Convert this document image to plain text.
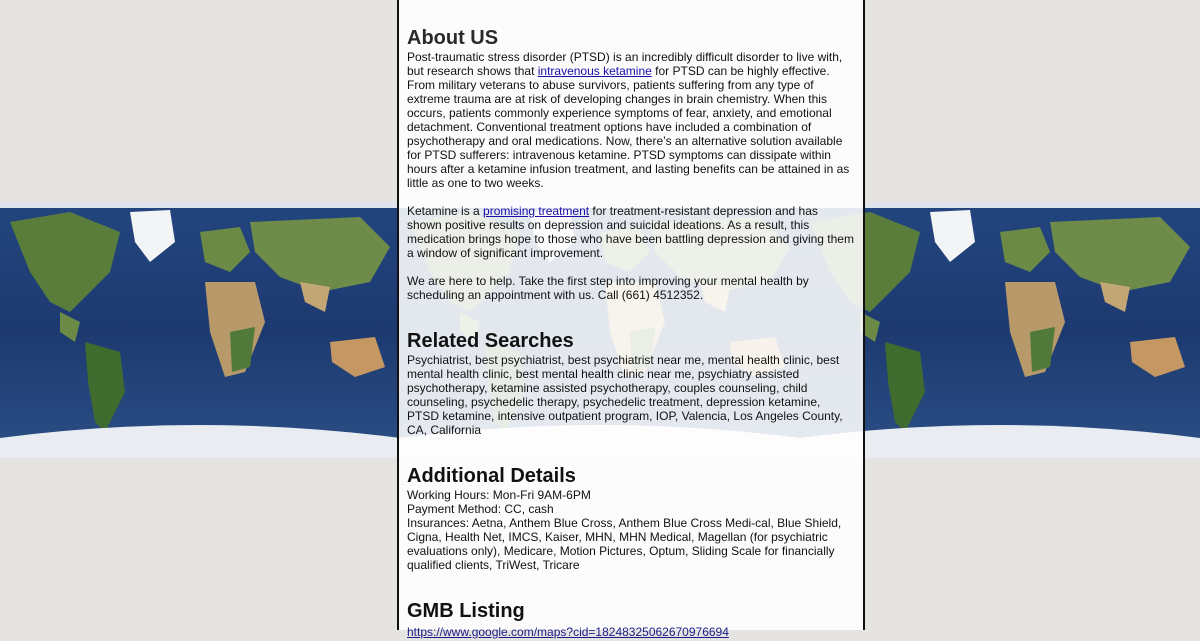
About US

Post-traumatic stress disorder (PTSD) is an incredibly difficult disorder to live with, but research shows that intravenous ketamine for PTSD can be highly effective. From military veterans to abuse survivors, patients suffering from any type of extreme trauma are at risk of developing changes in brain chemistry. When this occurs, patients commonly experience symptoms of fear, anxiety, and emotional detachment. Conventional treatment options have included a combination of psychotherapy and oral medications. Now, there’s an alternative solution available for PTSD sufferers: intravenous ketamine. PTSD symptoms can dissipate within hours after a ketamine infusion treatment, and lasting benefits can be attained in as little as one to two weeks.

Ketamine is a promising treatment for treatment-resistant depression and has shown positive results on depression and suicidal ideations. As a result, this medication brings hope to those who have been battling depression and giving them a window of significant improvement.

We are here to help. Take the first step into improving your mental health by scheduling an appointment with us. Call (661) 4512352.

Related Searches

Psychiatrist, best psychiatrist, best psychiatrist near me, mental health clinic, best mental health clinic, best mental health clinic near me, psychiatry assisted psychotherapy, ketamine assisted psychotherapy, couples counseling, child counseling, psychedelic therapy, psychedelic treatment, depression ketamine, PTSD ketamine, intensive outpatient program, IOP, Valencia, Los Angeles County, CA, California

Additional Details
Working Hours: Mon-Fri 9AM-6PM
Payment Method: CC, cash
Insurances: Aetna, Anthem Blue Cross, Anthem Blue Cross Medi-cal, Blue Shield, Cigna, Health Net, IMCS, Kaiser, MHN, MHN Medical, Magellan (for psychiatric evaluations only), Medicare, Motion Pictures, Optum, Sliding Scale for financially qualified clients, TriWest, Tricare
GMB Listing
https://www.google.com/maps?cid=18248325062670976694
